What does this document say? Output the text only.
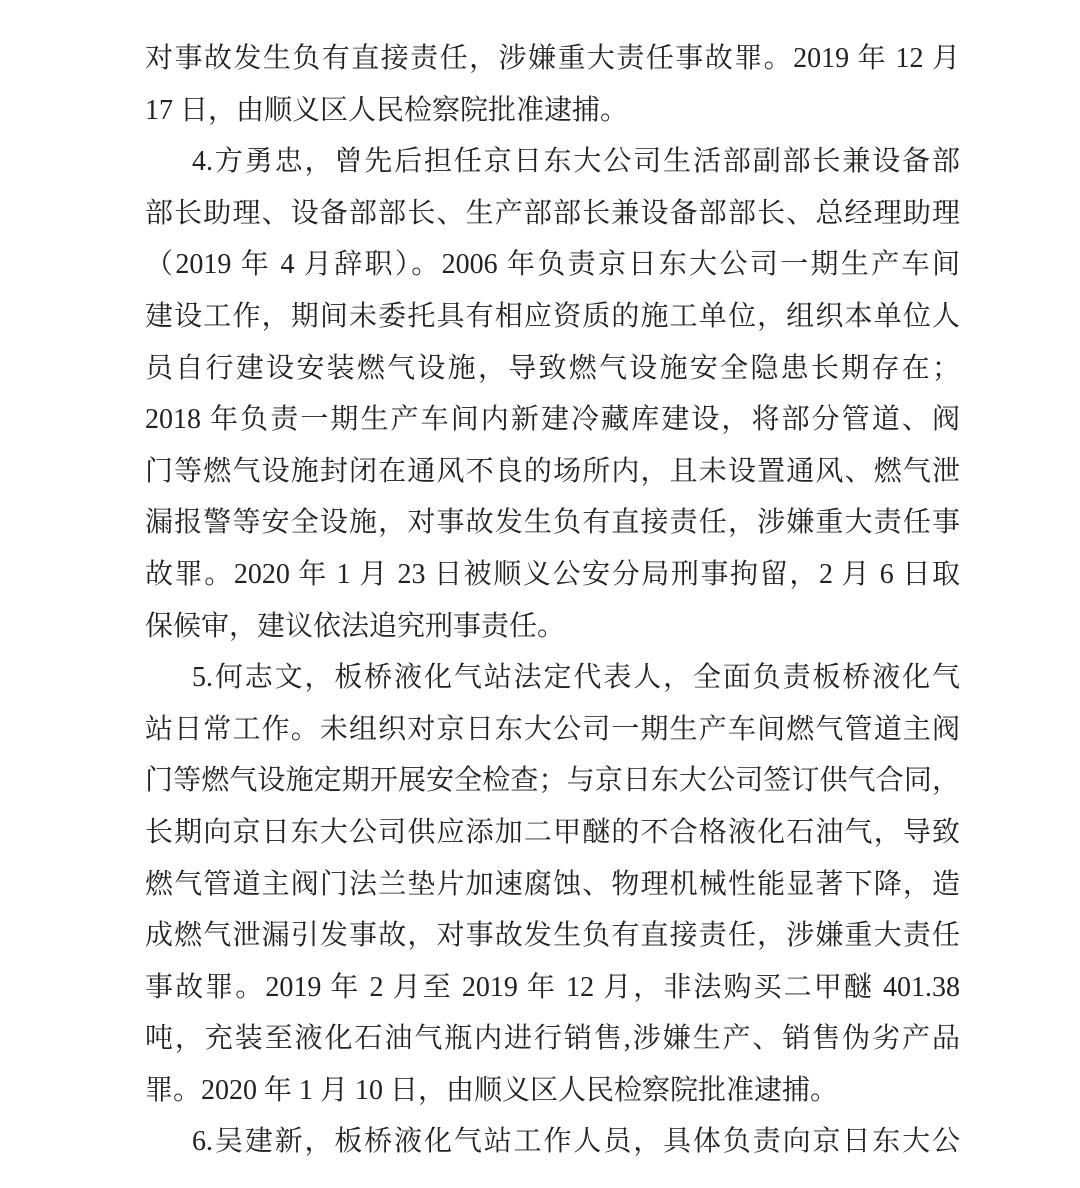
对事故发生负有直接责任，涉嫌重大责任事故罪。2019 年 12 月
17 日，由顺义区人民检察院批准逮捕。
4.方勇忠，曾先后担任京日东大公司生活部副部长兼设备部
部长助理、设备部部长、生产部部长兼设备部部长、总经理助理
（2019 年 4 月辞职）。2006 年负责京日东大公司一期生产车间
建设工作，期间未委托具有相应资质的施工单位，组织本单位人
员自行建设安装燃气设施，导致燃气设施安全隐患长期存在；
2018 年负责一期生产车间内新建冷藏库建设，将部分管道、阀
门等燃气设施封闭在通风不良的场所内，且未设置通风、燃气泄
漏报警等安全设施，对事故发生负有直接责任，涉嫌重大责任事
故罪。2020 年 1 月 23 日被顺义公安分局刑事拘留，2 月 6 日取
保候审，建议依法追究刑事责任。
5.何志文，板桥液化气站法定代表人，全面负责板桥液化气
站日常工作。未组织对京日东大公司一期生产车间燃气管道主阀
门等燃气设施定期开展安全检查；与京日东大公司签订供气合同，
长期向京日东大公司供应添加二甲醚的不合格液化石油气，导致
燃气管道主阀门法兰垫片加速腐蚀、物理机械性能显著下降，造
成燃气泄漏引发事故，对事故发生负有直接责任，涉嫌重大责任
事故罪。2019 年 2 月至 2019 年 12 月，非法购买二甲醚 401.38
吨，充装至液化石油气瓶内进行销售,涉嫌生产、销售伪劣产品
罪。2020 年 1 月 10 日，由顺义区人民检察院批准逮捕。
6.吴建新，板桥液化气站工作人员，具体负责向京日东大公
